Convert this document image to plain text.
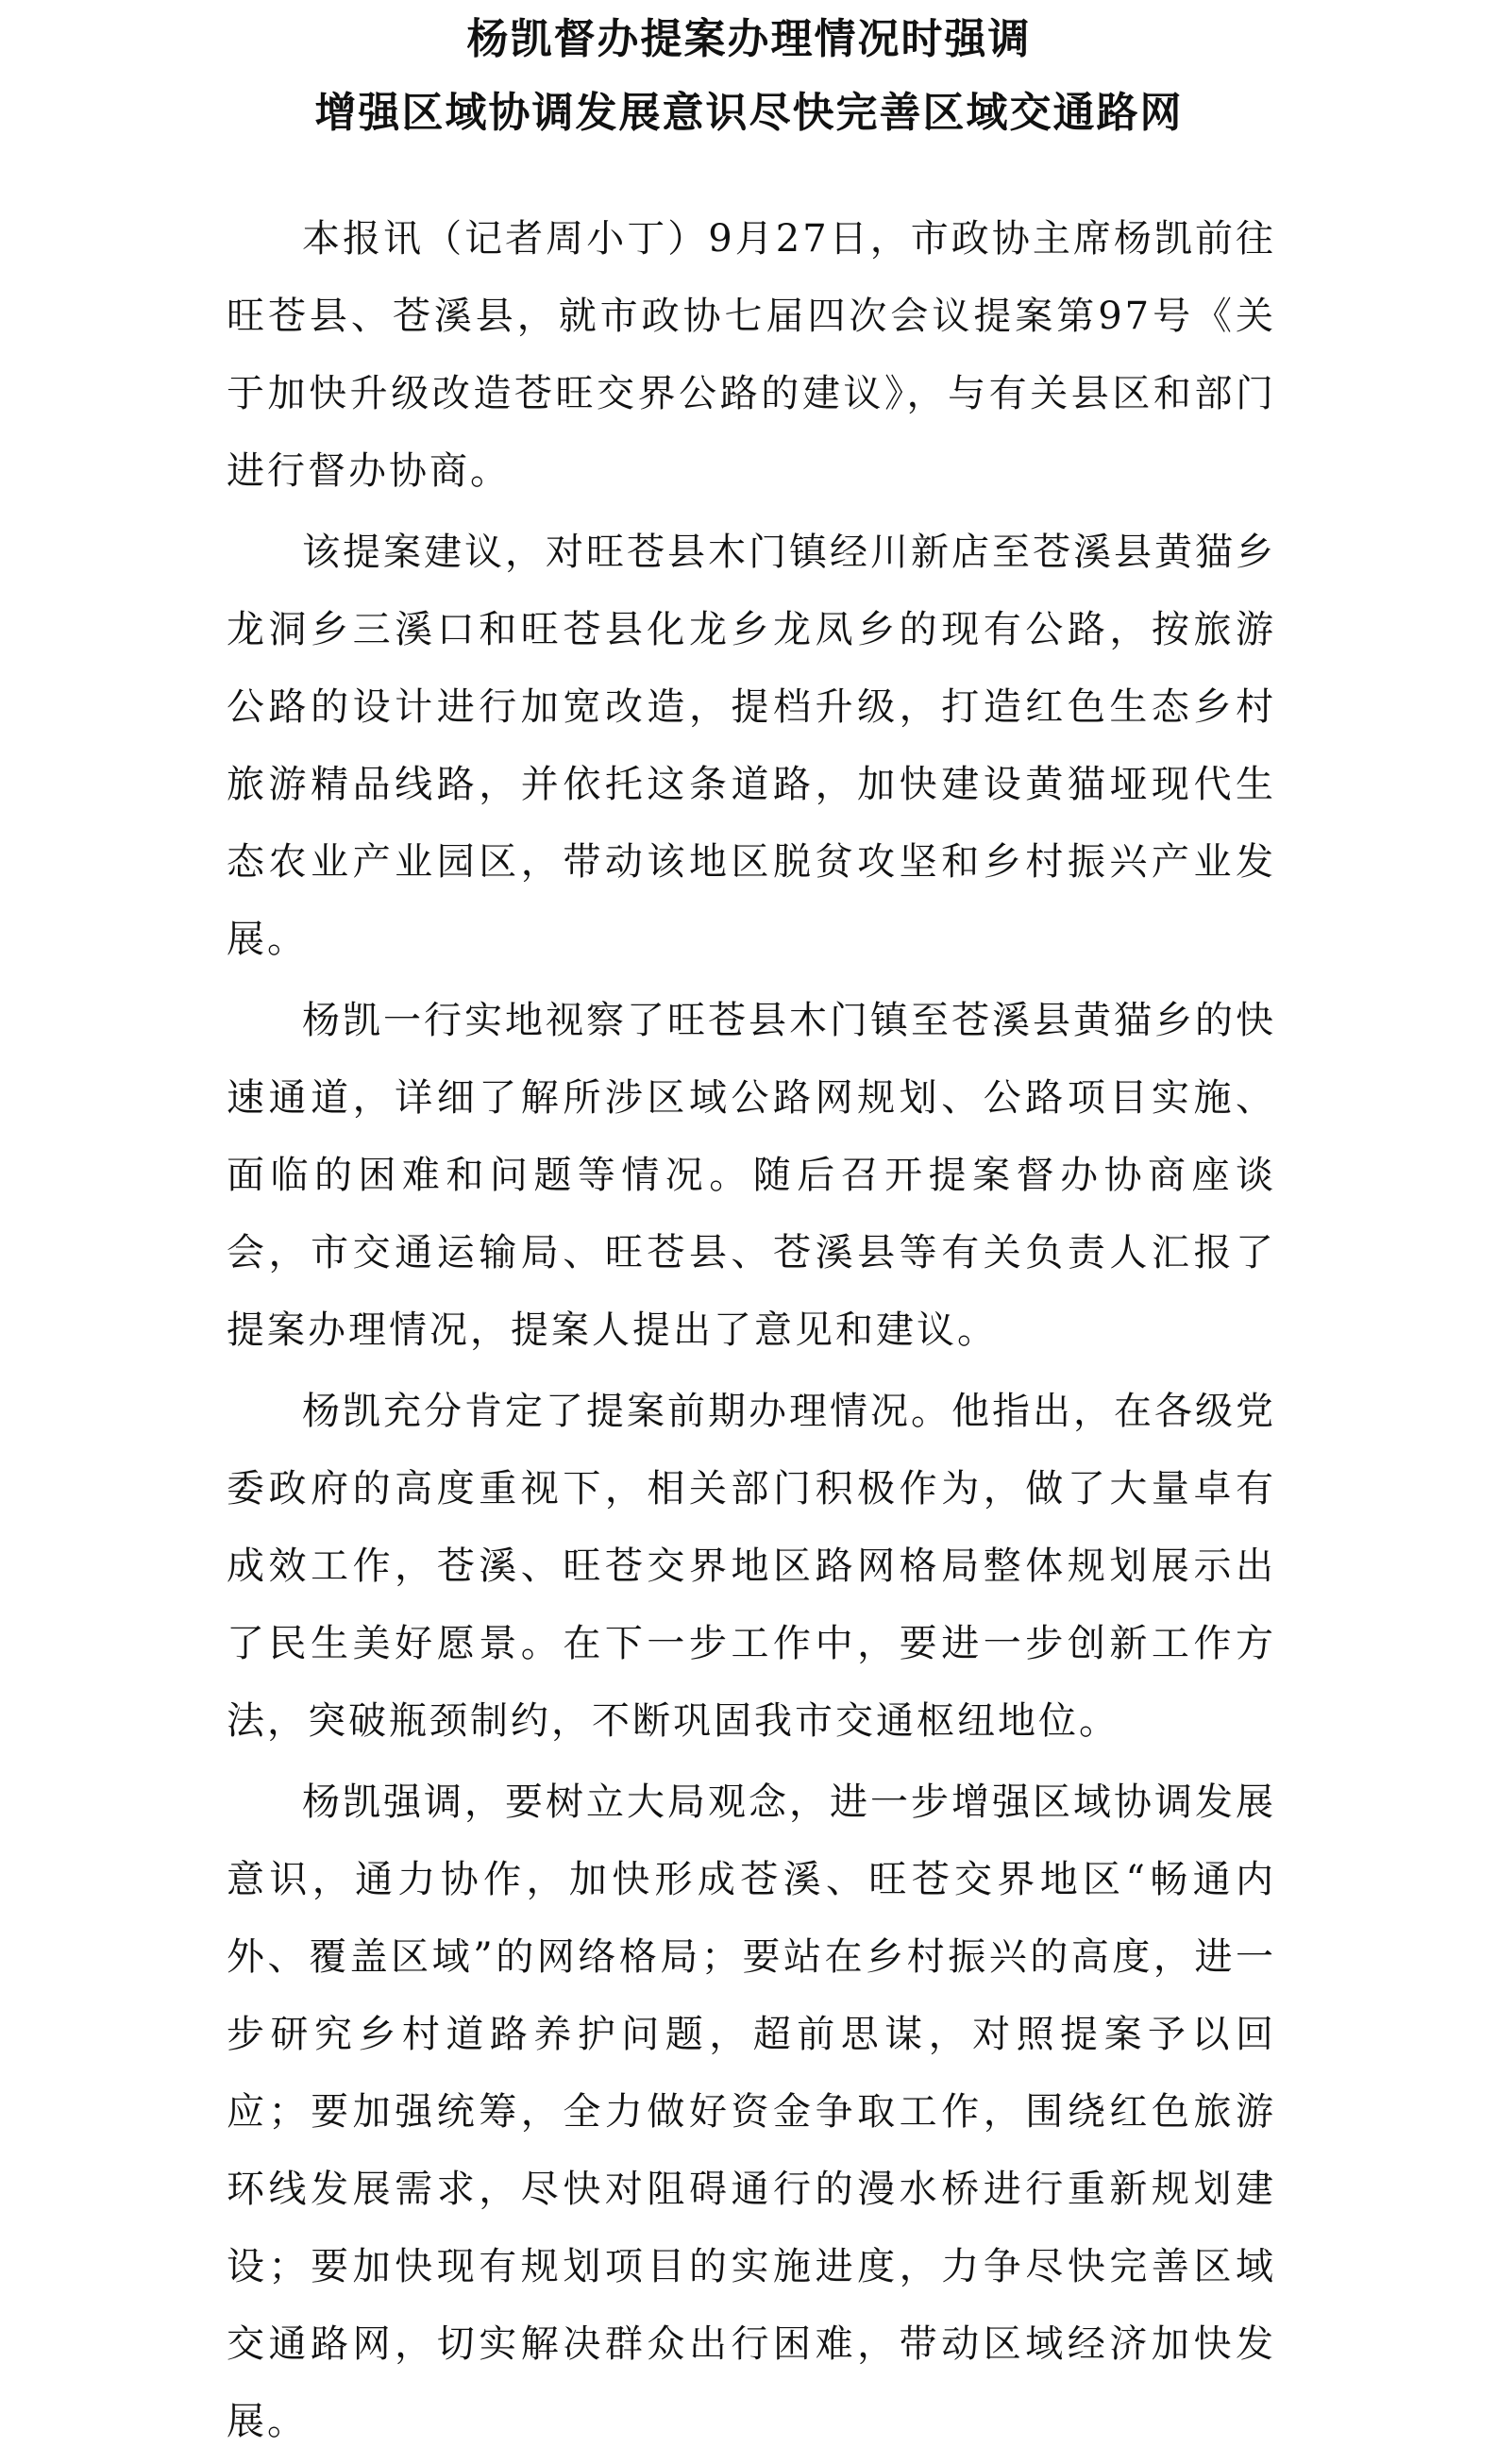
杨凯督办提案办理情况时强调
增强区域协调发展意识尽快完善区域交通路网

本报讯（记者周小丁）9月27日，市政协主席杨凯前往旺苍县、苍溪县，就市政协七届四次会议提案第97号《关于加快升级改造苍旺交界公路的建议》，与有关县区和部门进行督办协商。

该提案建议，对旺苍县木门镇经川新店至苍溪县黄猫乡龙洞乡三溪口和旺苍县化龙乡龙凤乡的现有公路，按旅游公路的设计进行加宽改造，提档升级，打造红色生态乡村旅游精品线路，并依托这条道路，加快建设黄猫垭现代生态农业产业园区，带动该地区脱贫攻坚和乡村振兴产业发展。

杨凯一行实地视察了旺苍县木门镇至苍溪县黄猫乡的快速通道，详细了解所涉区域公路网规划、公路项目实施、面临的困难和问题等情况。随后召开提案督办协商座谈会，市交通运输局、旺苍县、苍溪县等有关负责人汇报了提案办理情况，提案人提出了意见和建议。

杨凯充分肯定了提案前期办理情况。他指出，在各级党委政府的高度重视下，相关部门积极作为，做了大量卓有成效工作，苍溪、旺苍交界地区路网格局整体规划展示出了民生美好愿景。在下一步工作中，要进一步创新工作方法，突破瓶颈制约，不断巩固我市交通枢纽地位。

杨凯强调，要树立大局观念，进一步增强区域协调发展意识，通力协作，加快形成苍溪、旺苍交界地区“畅通内外、覆盖区域”的网络格局；要站在乡村振兴的高度，进一步研究乡村道路养护问题，超前思谋，对照提案予以回应；要加强统筹，全力做好资金争取工作，围绕红色旅游环线发展需求，尽快对阻碍通行的漫水桥进行重新规划建设；要加快现有规划项目的实施进度，力争尽快完善区域交通路网，切实解决群众出行困难，带动区域经济加快发展。
